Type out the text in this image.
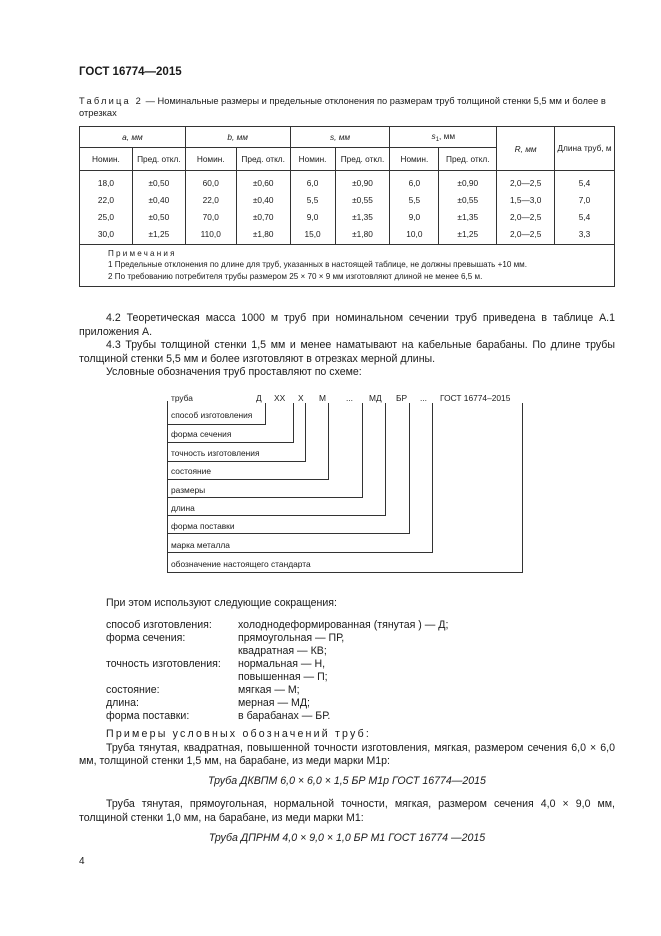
ГОСТ 16774—2015
Таблица 2 — Номинальные размеры и предельные отклонения по размерам труб толщиной стенки 5,5 мм и более в отрезках
а, мм		b, мм		s, мм		$s_1$, мм		R, мм	Длина труб, м
Номин.	Пред. откл.	Номин.	Пред. откл.	Номин.	Пред. откл.	Номин.	Пред. откл.		
18,0	±0,50	60,0	±0,60	6,0	±0,90	6,0	±0,90	2,0—2,5	5,4
22,0	±0,40	22,0	±0,40	5,5	±0,55	5,5	±0,55	1,5—3,0	7,0
25,0	±0,50	70,0	±0,70	9,0	±1,35	9,0	±1,35	2,0—2,5	5,4
30,0	±1,25	110,0	±1,80	15,0	±1,80	10,0	±1,25	2,0—2,5	3,3

Примечания
1 Предельные отклонения по длине для труб, указанных в настоящей таблице, не должны превышать +10 мм.
2 По требованию потребителя трубы размером 25 × 70 × 9 мм изготовляют длиной не менее 6,5 м.									

4.2 Теоретическая масса 1000 м труб при номинальном сечении труб приведена в таблице А.1 приложения А.

4.3 Трубы толщиной стенки 1,5 мм и менее наматывают на кабельные барабаны. По длине трубы толщиной стенки 5,5 мм и более изготовляют в отрезках мерной длины.

Условные обозначения труб проставляют по схеме:

труба	Д XX X М ... МД БР ... ГОСТ 16774–2015
способ изготовления
форма сечения
точность изготовления
состояние
размеры
длина
форма поставки
марка металла
обозначение настоящего стандарта
При этом используют следующие сокращения:
способ изготовления: холоднодеформированная (тянутая ) — Д;
форма сечения:	прямоугольная — ПР,
квадратная — КВ;
точность изготовления: нормальная — Н,
повышенная — П;
состояние:	мягкая — М;
длина:	мерная — МД;
форма поставки:	в барабанах — БР.

Примеры условных обозначений труб:

Труба тянутая, квадратная, повышенной точности изготовления, мягкая, размером сечения 6,0 × 6,0 мм, толщиной стенки 1,5 мм, на барабане, из меди марки М1р:

Труба ДКВПМ 6,0 × 6,0 × 1,5 БР М1р ГОСТ 16774—2015

Труба тянутая, прямоугольная, нормальной точности, мягкая, размером сечения 4,0 × 9,0 мм, толщиной стенки 1,0 мм, на барабане, из меди марки М1:

Труба ДПРНМ 4,0 × 9,0 × 1,0 БР М1 ГОСТ 16774 —2015

4
